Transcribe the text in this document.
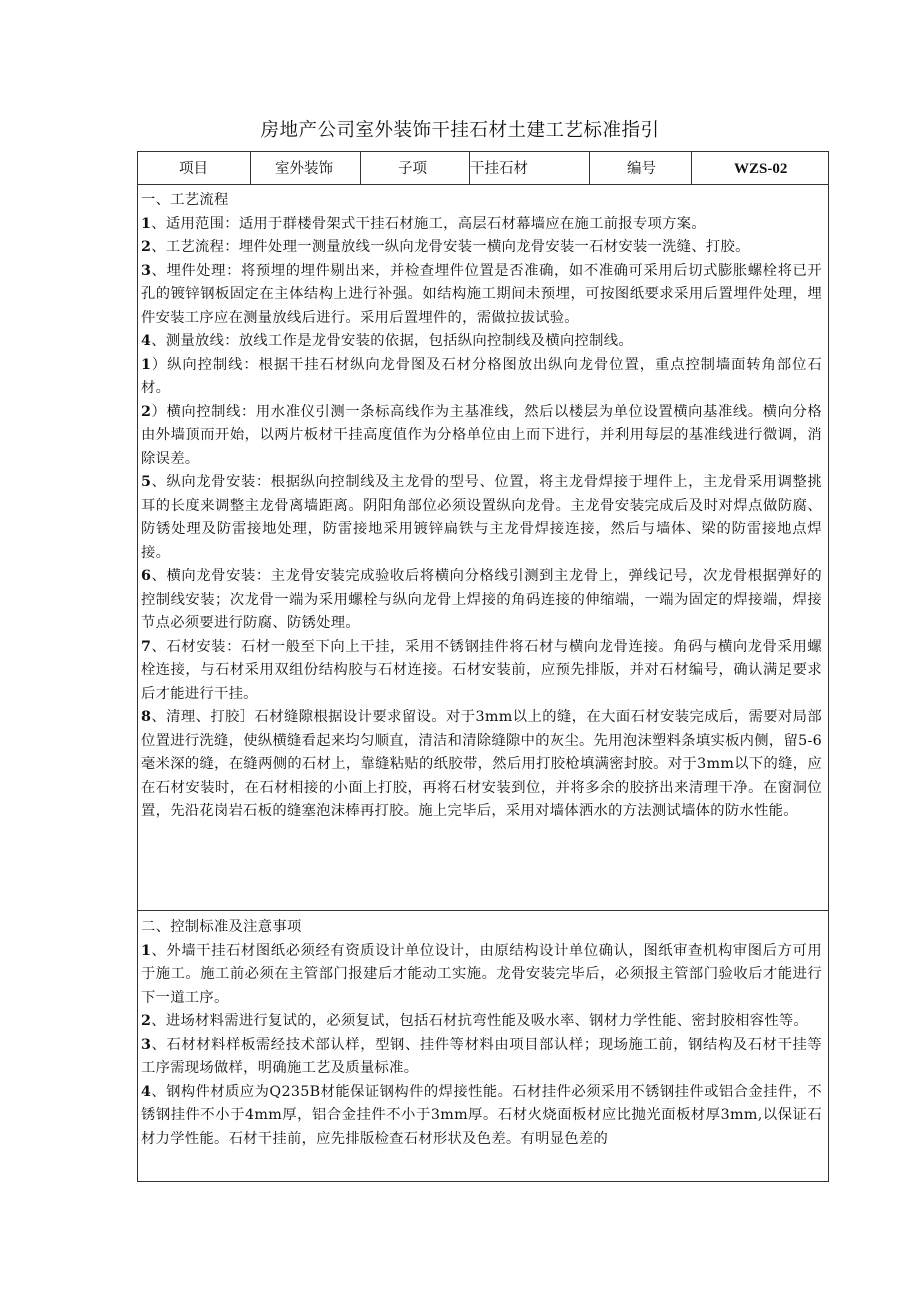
房地产公司室外装饰干挂石材土建工艺标准指引
项目	室外装饰	子项	干挂石材	编号	WZS-02

一、工艺流程

1、适用范围：适用于群楼骨架式干挂石材施工，高层石材幕墙应在施工前报专项方案。

2、工艺流程：埋件处理一测量放线一纵向龙骨安装一横向龙骨安装一石材安装一洗缝、打胶。

3、埋件处理：将预埋的埋件剔出来，并检查埋件位置是否准确，如不准确可采用后切式膨胀螺栓将已开孔的镀锌钢板固定在主体结构上进行补强。如结构施工期间未预埋，可按图纸要求采用后置埋件处理，埋件安装工序应在测量放线后进行。采用后置埋件的，需做拉拔试验。

4、测量放线：放线工作是龙骨安装的依据，包括纵向控制线及横向控制线。

1）纵向控制线：根据干挂石材纵向龙骨图及石材分格图放出纵向龙骨位置，重点控制墙面转角部位石材。

2）横向控制线：用水准仪引测一条标高线作为主基准线，然后以楼层为单位设置横向基准线。横向分格由外墙顶而开始，以两片板材干挂高度值作为分格单位由上而下进行，并利用每层的基准线进行微调，消除误差。

5、纵向龙骨安装：根据纵向控制线及主龙骨的型号、位置，将主龙骨焊接于埋件上，主龙骨采用调整挑耳的长度来调整主龙骨离墙距离。阴阳角部位必须设置纵向龙骨。主龙骨安装完成后及时对焊点做防腐、防锈处理及防雷接地处理，防雷接地采用镀锌扁铁与主龙骨焊接连接，然后与墙体、梁的防雷接地点焊接。

6、横向龙骨安装：主龙骨安装完成验收后将横向分格线引测到主龙骨上，弹线记号，次龙骨根据弹好的控制线安装；次龙骨一端为采用螺栓与纵向龙骨上焊接的角码连接的伸缩端，一端为固定的焊接端，焊接节点必须要进行防腐、防锈处理。

7、石材安装：石材一般至下向上干挂，采用不锈钢挂件将石材与横向龙骨连接。角码与横向龙骨采用螺栓连接，与石材采用双组份结构胶与石材连接。石材安装前，应预先排版，并对石材编号，确认满足要求后才能进行干挂。

8、清理、打胶］石材缝隙根据设计要求留设。对于3mm以上的缝，在大面石材安装完成后，需要对局部位置进行洗缝，使纵横缝看起来均匀顺直，清洁和清除缝隙中的灰尘。先用泡沫塑料条填实板内侧，留5-6毫米深的缝，在缝两侧的石材上，靠缝粘贴的纸胶带，然后用打胶枪填满密封胶。对于3mm以下的缝，应在石材安装时，在石材相接的小面上打胶，再将石材安装到位，并将多余的胶挤出来清理干净。在窗洞位置，先沿花岗岩石板的缝塞泡沫棒再打胶。施上完毕后，采用对墙体洒水的方法测试墙体的防水性能。

二、控制标准及注意事项

1、外墙干挂石材图纸必须经有资质设计单位设计，由原结构设计单位确认，图纸审查机构审图后方可用于施工。施工前必须在主管部门报建后才能动工实施。龙骨安装完毕后，必须报主管部门验收后才能进行下一道工序。

2、进场材料需进行复试的，必须复试，包括石材抗弯性能及吸水率、钢材力学性能、密封胶相容性等。

3、石材材料样板需经技术部认样，型钢、挂件等材料由项目部认样；现场施工前，钢结构及石材干挂等工序需现场做样，明确施工艺及质量标准。

4、钢构件材质应为Q235B材能保证钢构件的焊接性能。石材挂件必须采用不锈钢挂件或铝合金挂件，不锈钢挂件不小于4mm厚，铝合金挂件不小于3mm厚。石材火烧面板材应比抛光面板材厚3mm,以保证石材力学性能。石材干挂前，应先排版检查石材形状及色差。有明显色差的
